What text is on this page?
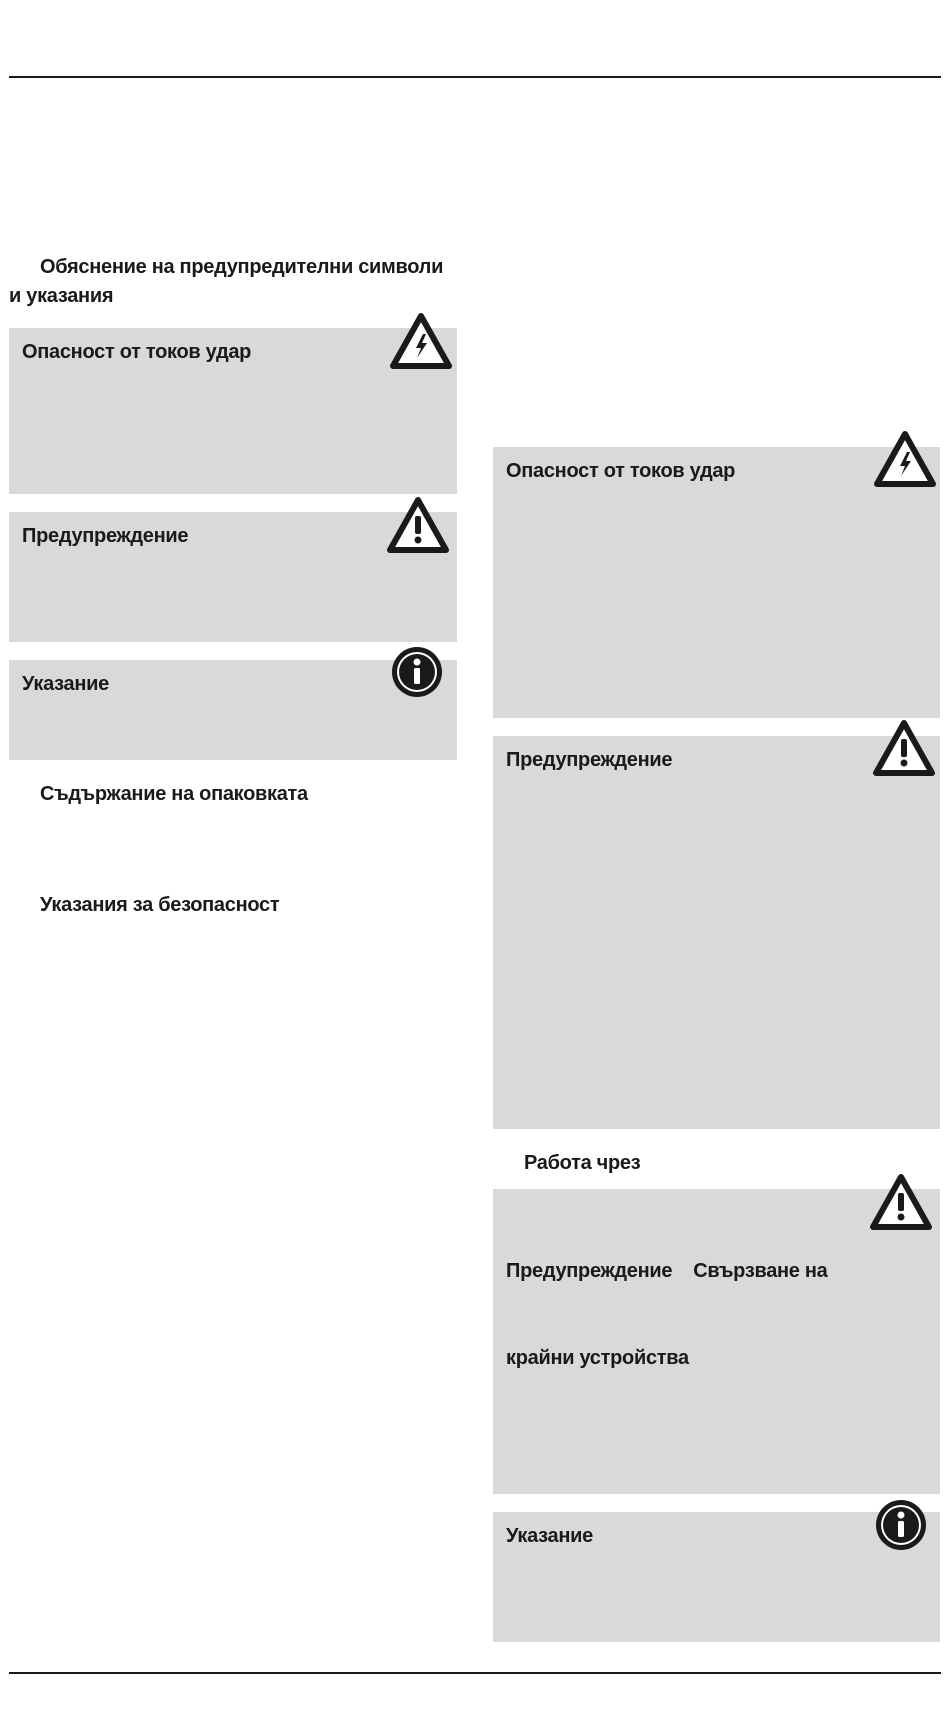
Обяснение на предупредителни символи
и указания
Опасност от токов удар
Предупреждение
Указание
Съдържание на опаковката
Указания за безопасност
Опасност от токов удар
Предупреждение
Работа чрез

Предупреждение    Свързване на

крайни устройства

Указание
